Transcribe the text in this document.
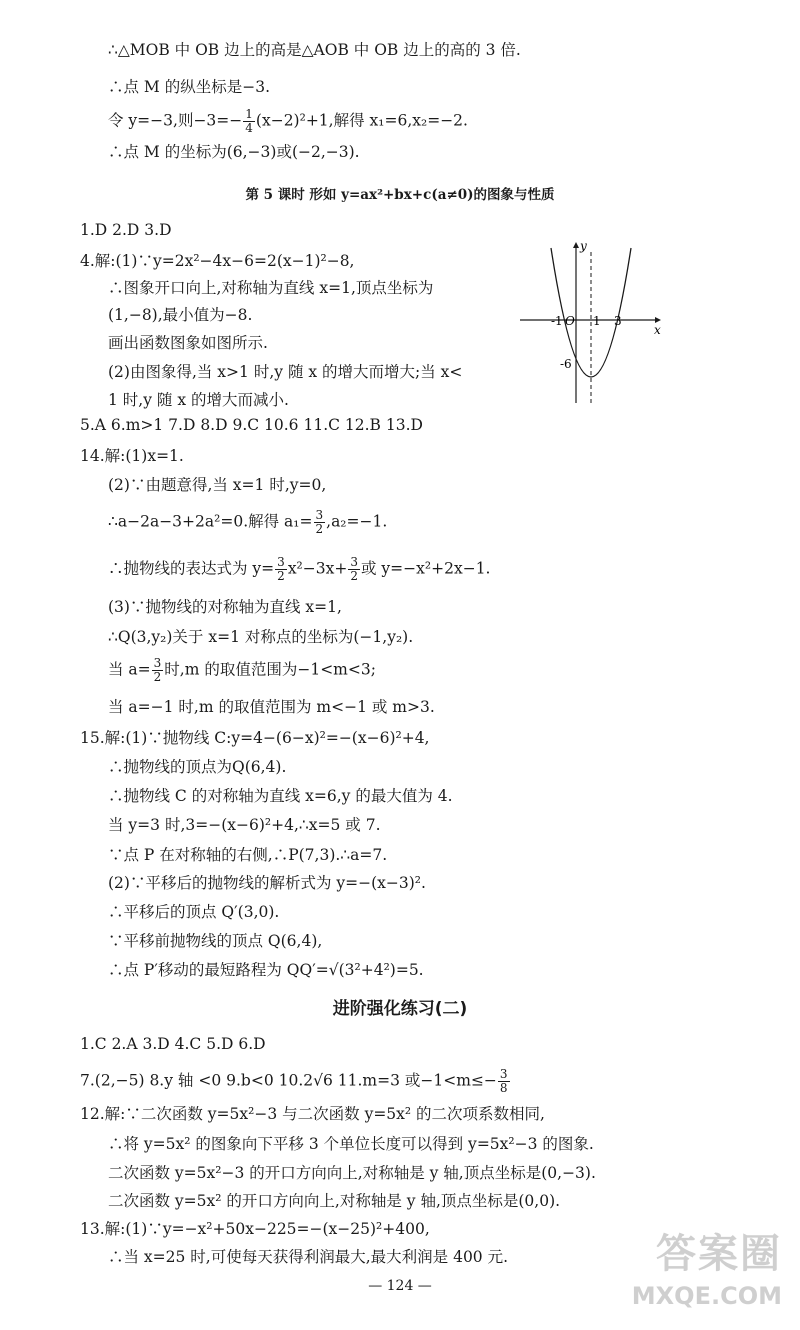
∴△MOB 中 OB 边上的高是△AOB 中 OB 边上的高的 3 倍.
∴点 M 的纵坐标是−3.
令 y=−3,则$-3=- \frac{1}{4} (x-2)^2+1$,解得 x₁=6,x₂=−2.
∴点 M 的坐标为(6,−3)或(−2,−3).
第 5 课时 形如 y=ax²+bx+c(a≠0)的图象与性质
1.D 2.D 3.D
4.解:(1)∵y=2x²−4x−6=2(x−1)²−8,
∴图象开口向上,对称轴为直线 x=1,顶点坐标为
(1,−8),最小值为−8.
画出函数图象如图所示.
(2)由图象得,当 x>1 时,y 随 x 的增大而增大;当 x<
1 时,y 随 x 的增大而减小.
x
y
O
-1	1 3
-6
5.A 6.m>1 7.D 8.D 9.C 10.6 11.C 12.B 13.D
14.解:(1)x=1.
(2)∵由题意得,当 x=1 时,y=0,
∴a−2a−3+2a²=0.解得 $a_1= \frac{3}{2} ,a_2=-1$.
∴抛物线的表达式为 $y= \frac{3}{2} x^2-3x+ \frac{3}{2}$ 或 y=−x²+2x−1.
(3)∵抛物线的对称轴为直线 x=1,
∴Q(3,y₂)关于 x=1 对称点的坐标为(−1,y₂).
当 $a= \frac{3}{2}$ 时,m 的取值范围为−1<m<3;
当 a=−1 时,m 的取值范围为 m<−1 或 m>3.
15.解:(1)∵抛物线 C:y=4−(6−x)²=−(x−6)²+4,
∴抛物线的顶点为Q(6,4).
∴抛物线 C 的对称轴为直线 x=6,y 的最大值为 4.
当 y=3 时,3=−(x−6)²+4,∴x=5 或 7.
∵点 P 在对称轴的右侧,∴P(7,3).∴a=7.
(2)∵平移后的抛物线的解析式为 y=−(x−3)².
∴平移后的顶点 Q′(3,0).
∵平移前抛物线的顶点 Q(6,4),
∴点 P′移动的最短路程为 QQ′=√(3²+4²)=5.
进阶强化练习(二)
1.C 2.A 3.D 4.C 5.D 6.D
7.(2,−5) 8.y 轴 <0 9.b<0 10.2√6 11.m=3 或$-1<m\le- \frac{3}{8}$
12.解:∵二次函数 y=5x²−3 与二次函数 y=5x² 的二次项系数相同,
∴将 y=5x² 的图象向下平移 3 个单位长度可以得到 y=5x²−3 的图象.
二次函数 y=5x²−3 的开口方向向上,对称轴是 y 轴,顶点坐标是(0,−3).
二次函数 y=5x² 的开口方向向上,对称轴是 y 轴,顶点坐标是(0,0).
13.解:(1)∵y=−x²+50x−225=−(x−25)²+400,
∴当 x=25 时,可使每天获得利润最大,最大利润是 400 元.
— 124 —
答案圈
MXQE.COM
